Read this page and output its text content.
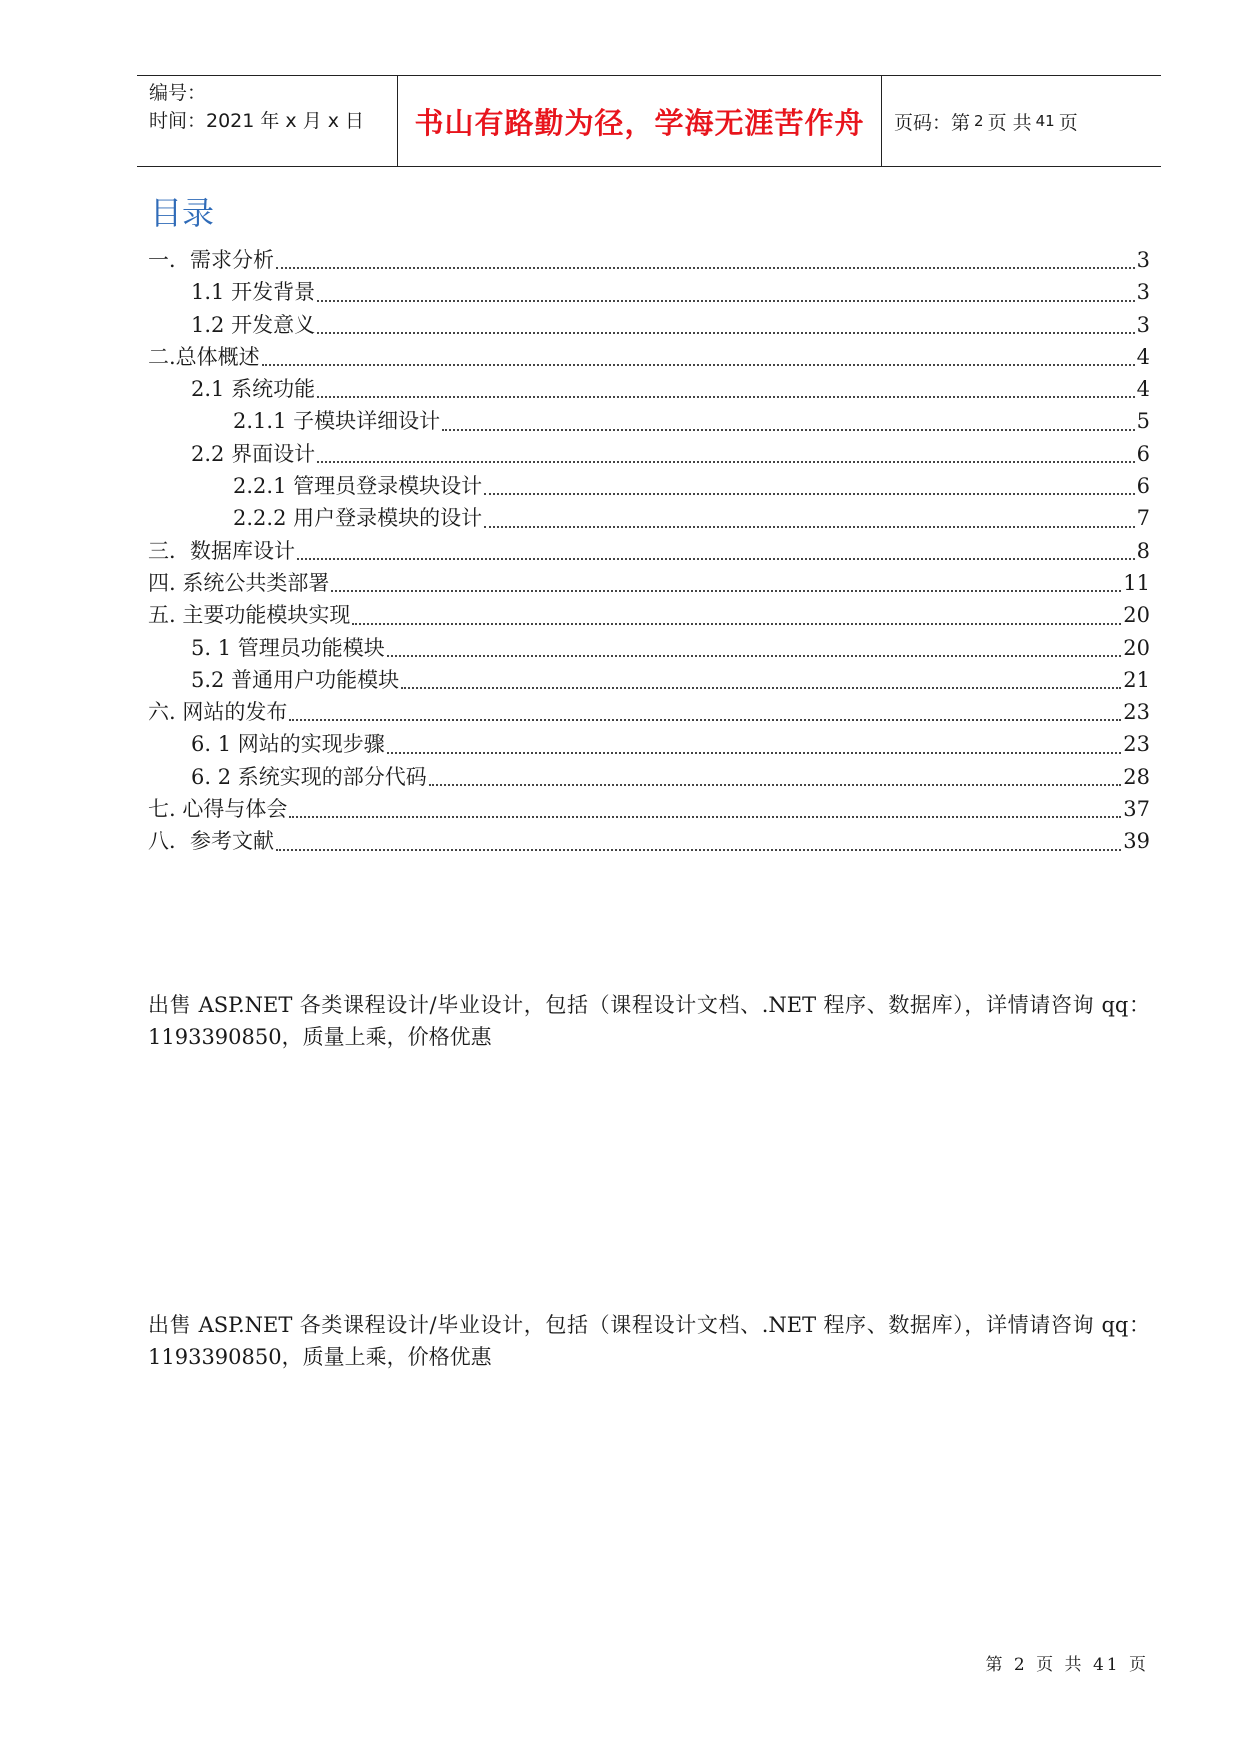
编号：
时间：2021 年 x 月 x 日	书山有路勤为径，学海无涯苦作舟 页码：第 2 页 共 41 页
目录
一．需求分析	3
1.1 开发背景	3
1.2 开发意义	3
二.总体概述	4
2.1 系统功能	4
2.1.1 子模块详细设计	5
2.2 界面设计	6
2.2.1 管理员登录模块设计	6
2.2.2 用户登录模块的设计	7
三．数据库设计	8
四. 系统公共类部署	11
五. 主要功能模块实现	20
5. 1 管理员功能模块	20
5.2 普通用户功能模块	21
六. 网站的发布	23
6. 1 网站的实现步骤	23
6. 2 系统实现的部分代码	28
七. 心得与体会	37
八．参考文献	39

出售 ASP.NET 各类课程设计/毕业设计，包括（课程设计文档、.NET 程序、数据库），详情请咨询 qq：1193390850，质量上乘，价格优惠

出售 ASP.NET 各类课程设计/毕业设计，包括（课程设计文档、.NET 程序、数据库），详情请咨询 qq：1193390850，质量上乘，价格优惠

第 2 页 共 41 页
